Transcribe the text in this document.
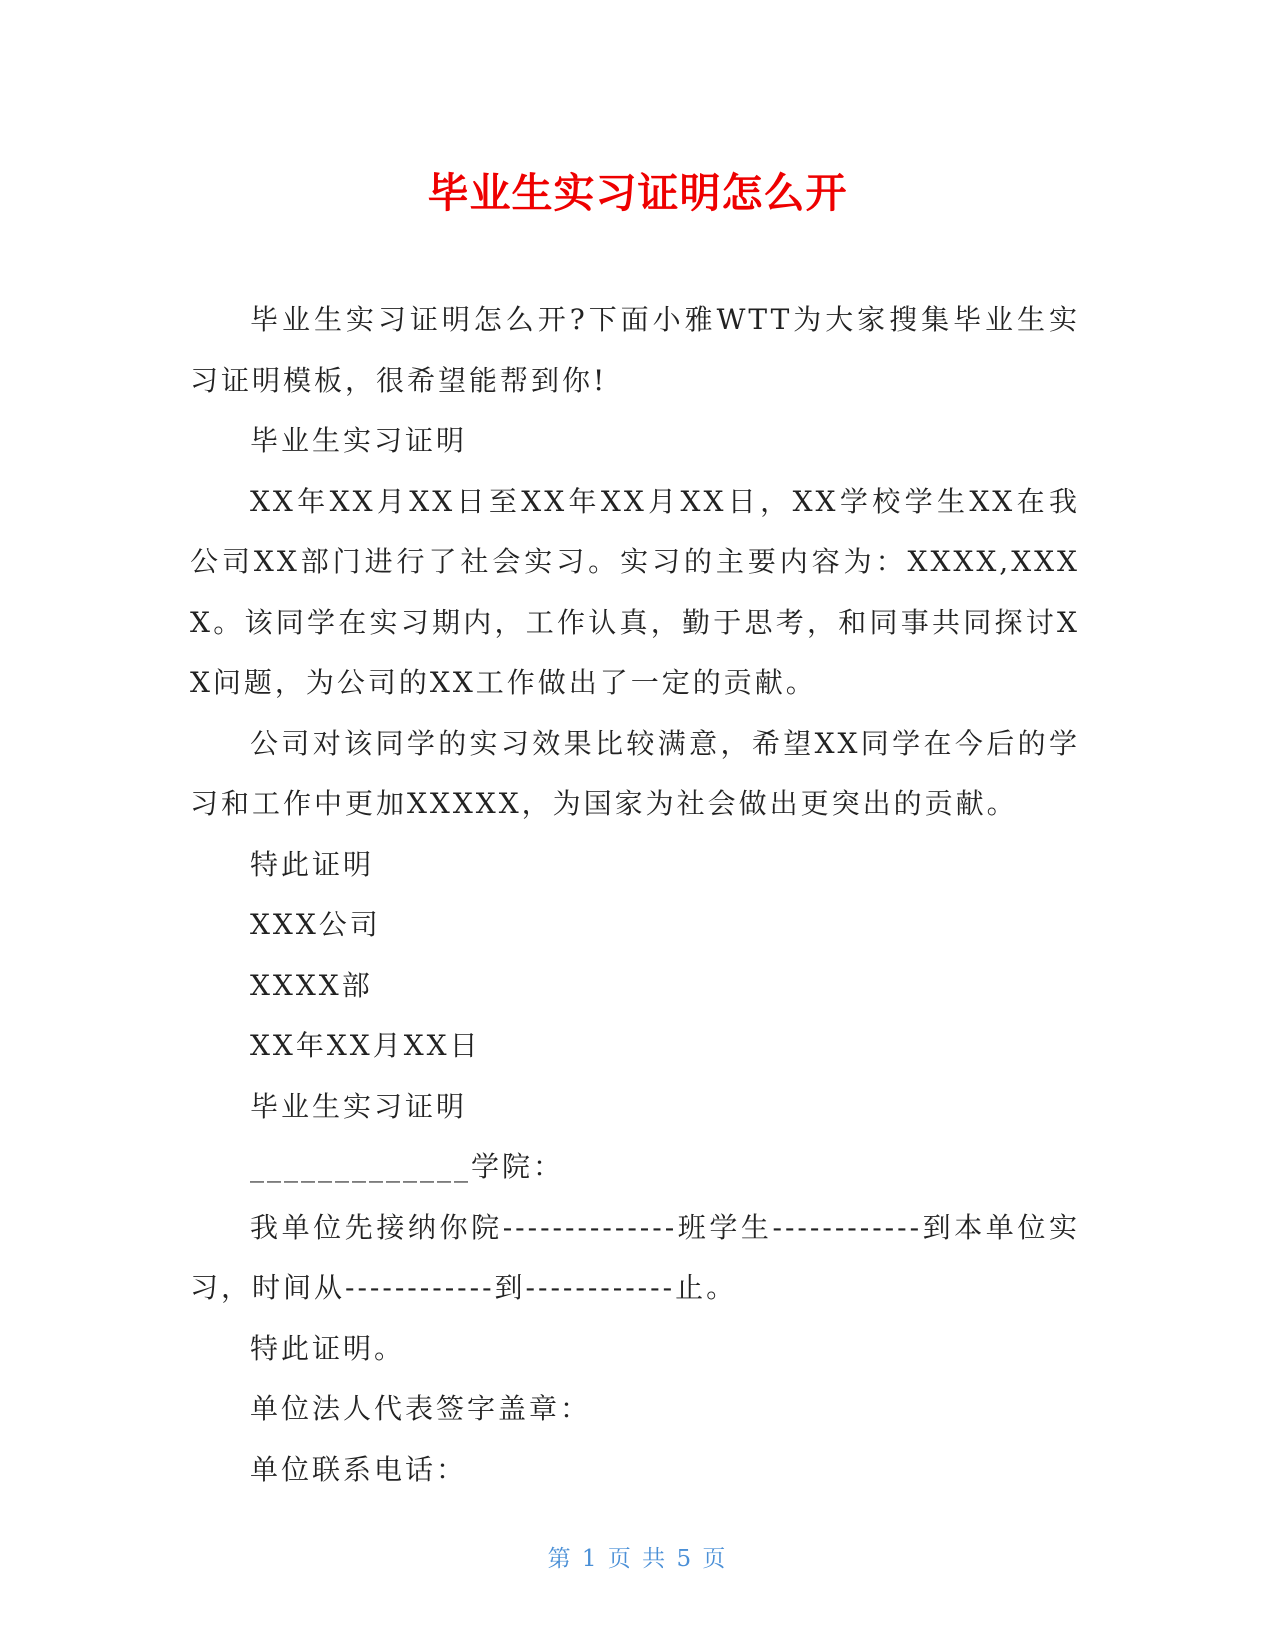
毕业生实习证明怎么开

毕业生实习证明怎么开?下面小雅WTT为大家搜集毕业生实习证明模板，很希望能帮到你!

毕业生实习证明

XX年XX月XX日至XX年XX月XX日，XX学校学生XX在我公司XX部门进行了社会实习。实习的主要内容为：XXXX,XXXX。该同学在实习期内，工作认真，勤于思考，和同事共同探讨XX问题，为公司的XX工作做出了一定的贡献。

公司对该同学的实习效果比较满意，希望XX同学在今后的学习和工作中更加XXXXX，为国家为社会做出更突出的贡献。

特此证明

XXX公司

XXXX部

XX年XX月XX日

毕业生实习证明

_____________学院：

我单位先接纳你院--------------班学生------------到本单位实习，时间从------------到------------止。

特此证明。

单位法人代表签字盖章：

单位联系电话：

第 1 页 共 5 页
